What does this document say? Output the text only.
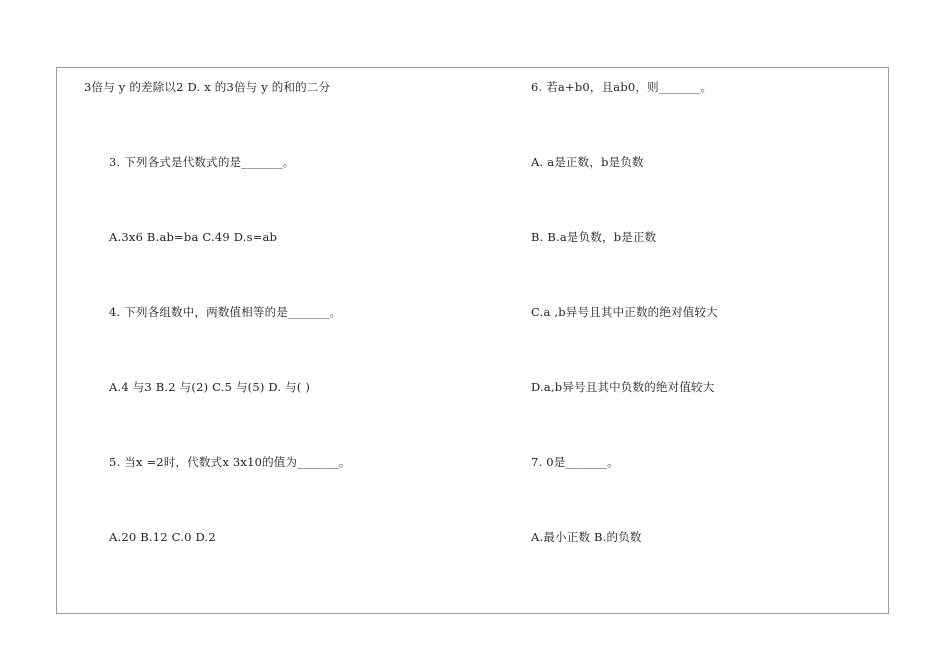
3倍与 y 的差除以2 D. x 的3倍与 y 的和的二分
3. 下列各式是代数式的是_______。
A.3x6 B.ab=ba C.49 D.s=ab
4. 下列各组数中，两数值相等的是_______。
A.4 与3 B.2 与(2) C.5 与(5) D. 与( )
5. 当x =2时，代数式x 3x10的值为_______。
A.20 B.12 C.0 D.2
6. 若a+b0，且ab0，则_______。
A. a是正数，b是负数
B. B.a是负数，b是正数
C.a ,b异号且其中正数的绝对值较大
D.a,b异号且其中负数的绝对值较大
7. 0是_______。
A.最小正数 B.的负数
